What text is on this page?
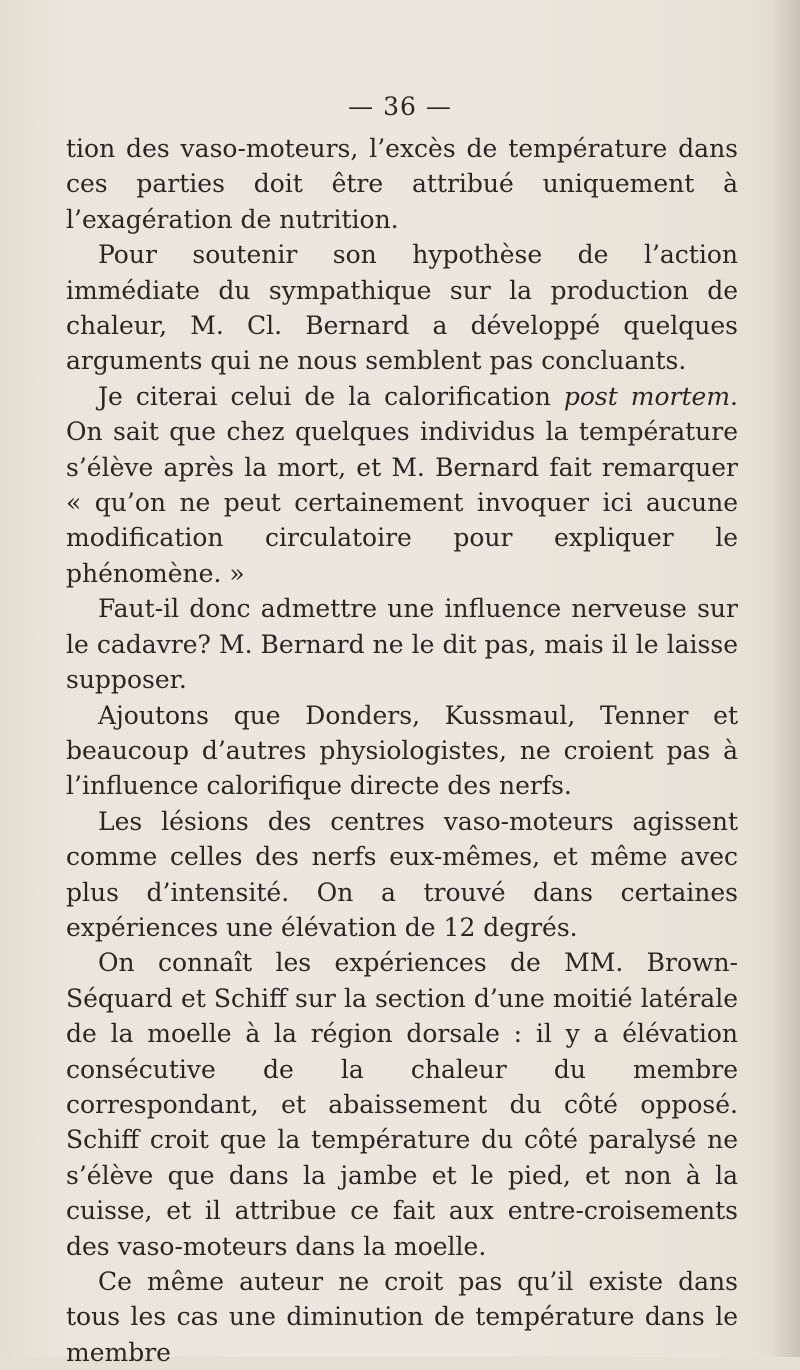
— 36 —

tion des vaso-moteurs, l’excès de température dans ces parties doit être attribué uniquement à l’exagération de nutrition.

Pour soutenir son hypothèse de l’action immédiate du sympathique sur la production de chaleur, M. Cl. Bernard a développé quelques arguments qui ne nous semblent pas concluants.

Je citerai celui de la calorification post mortem. On sait que chez quelques individus la température s’élève après la mort, et M. Bernard fait remarquer « qu’on ne peut certainement invoquer ici aucune modification circulatoire pour expliquer le phénomène. »

Faut-il donc admettre une influence nerveuse sur le cadavre? M. Bernard ne le dit pas, mais il le laisse supposer.

Ajoutons que Donders, Kussmaul, Tenner et beaucoup d’autres physiologistes, ne croient pas à l’influence calorifique directe des nerfs.

Les lésions des centres vaso-moteurs agissent comme celles des nerfs eux-mêmes, et même avec plus d’intensité. On a trouvé dans certaines expériences une élévation de 12 degrés.

On connaît les expériences de MM. Brown-Séquard et Schiff sur la section d’une moitié latérale de la moelle à la région dorsale : il y a élévation consécutive de la chaleur du membre correspondant, et abaissement du côté opposé. Schiff croit que la température du côté paralysé ne s’élève que dans la jambe et le pied, et non à la cuisse, et il attribue ce fait aux entre-croisements des vaso-moteurs dans la moelle.

Ce même auteur ne croit pas qu’il existe dans tous les cas une diminution de température dans le membre
